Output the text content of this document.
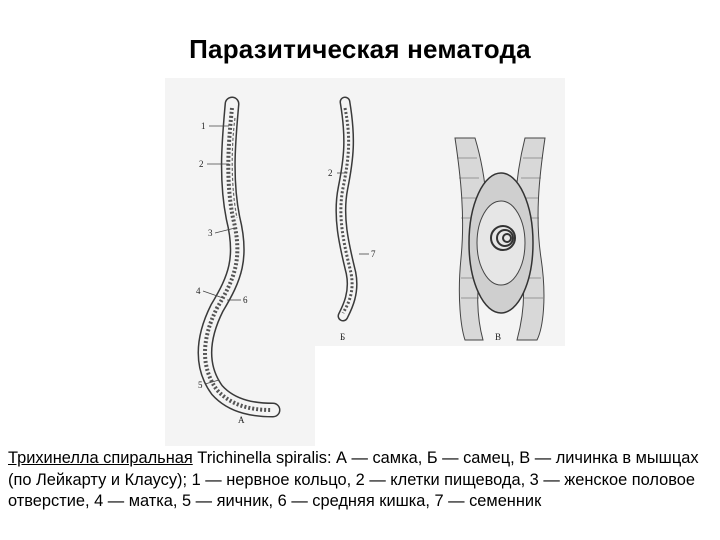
Паразитическая нематода
1
2
3
4
6
5
А
2
7
Б	В
Трихинелла спиральная Trichinella spiralis: А — самка, Б — самец, В — личинка в мышцах (по Лейкарту и Клаусу); 1 — нервное кольцо, 2 — клетки пищевода, 3 — женское половое отверстие, 4 — матка, 5 — яичник, 6 — средняя кишка, 7 — семенник
